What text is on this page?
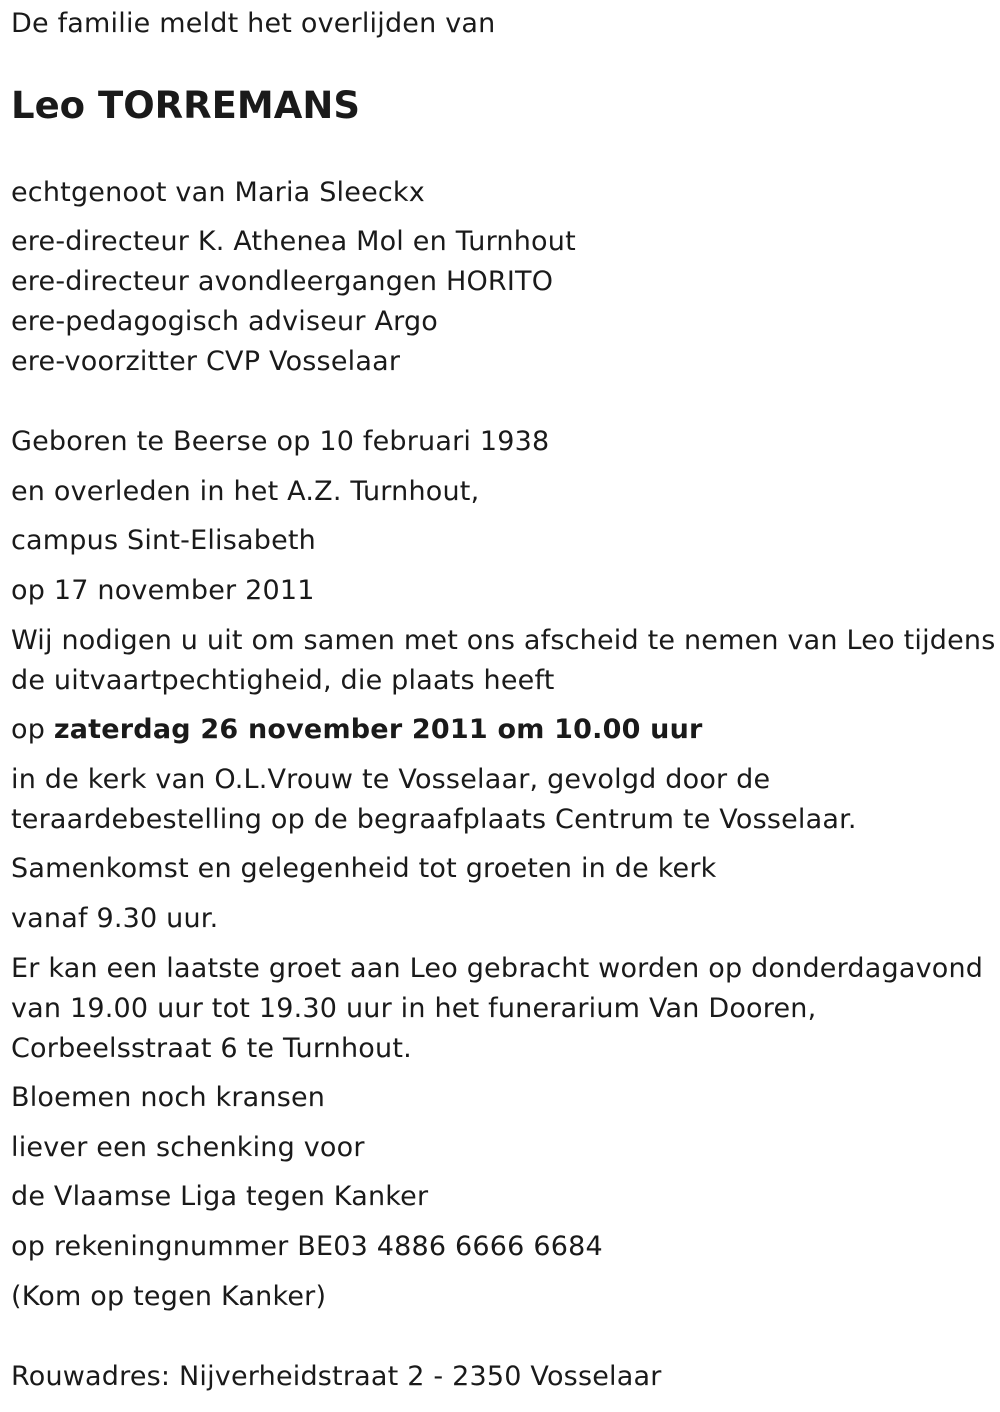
De familie meldt het overlijden van
Leo TORREMANS
echtgenoot van Maria Sleeckx
ere-directeur K. Athenea Mol en Turnhout
ere-directeur avondleergangen HORITO
ere-pedagogisch adviseur Argo
ere-voorzitter CVP Vosselaar
Geboren te Beerse op 10 februari 1938
en overleden in het A.Z. Turnhout,
campus Sint-Elisabeth
op 17 november 2011
Wij nodigen u uit om samen met ons afscheid te nemen van Leo tijdens
de uitvaartpechtigheid, die plaats heeft
op zaterdag 26 november 2011 om 10.00 uur
in de kerk van O.L.Vrouw te Vosselaar, gevolgd door de
teraardebestelling op de begraafplaats Centrum te Vosselaar.
Samenkomst en gelegenheid tot groeten in de kerk
vanaf 9.30 uur.
Er kan een laatste groet aan Leo gebracht worden op donderdagavond
van 19.00 uur tot 19.30 uur in het funerarium Van Dooren,
Corbeelsstraat 6 te Turnhout.
Bloemen noch kransen
liever een schenking voor
de Vlaamse Liga tegen Kanker
op rekeningnummer BE03 4886 6666 6684
(Kom op tegen Kanker)
Rouwadres: Nijverheidstraat 2 - 2350 Vosselaar
